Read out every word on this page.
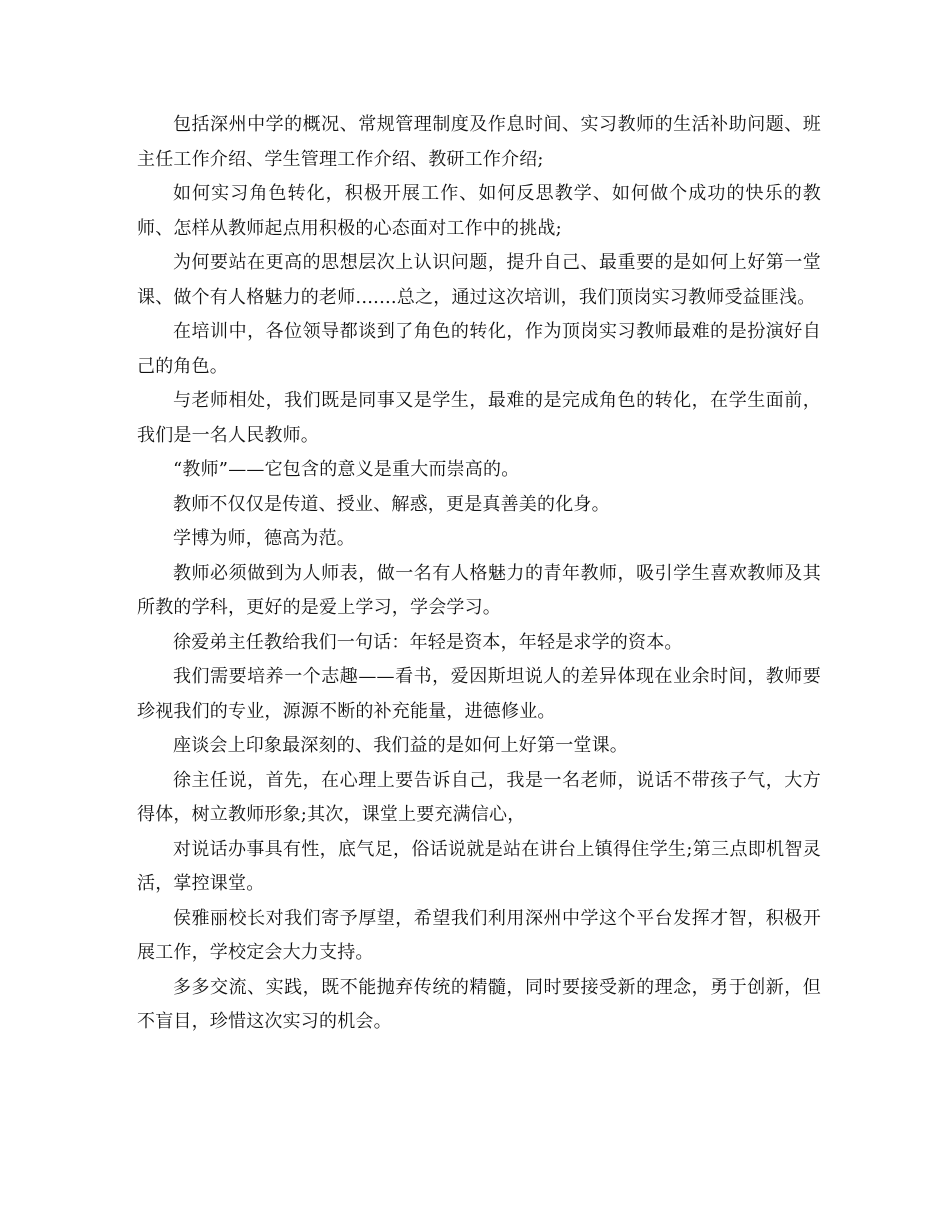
包括深州中学的概况、常规管理制度及作息时间、实习教师的生活补助问题、班主任工作介绍、学生管理工作介绍、教研工作介绍;

如何实习角色转化，积极开展工作、如何反思教学、如何做个成功的快乐的教师、怎样从教师起点用积极的心态面对工作中的挑战;

为何要站在更高的思想层次上认识问题，提升自己、最重要的是如何上好第一堂课、做个有人格魅力的老师.......总之，通过这次培训，我们顶岗实习教师受益匪浅。

在培训中，各位领导都谈到了角色的转化，作为顶岗实习教师最难的是扮演好自己的角色。

与老师相处，我们既是同事又是学生，最难的是完成角色的转化，在学生面前，我们是一名人民教师。

“教师”——它包含的意义是重大而崇高的。

教师不仅仅是传道、授业、解惑，更是真善美的化身。

学博为师，德高为范。

教师必须做到为人师表，做一名有人格魅力的青年教师，吸引学生喜欢教师及其所教的学科，更好的是爱上学习，学会学习。

徐爱弟主任教给我们一句话：年轻是资本，年轻是求学的资本。

我们需要培养一个志趣——看书，爱因斯坦说人的差异体现在业余时间，教师要珍视我们的专业，源源不断的补充能量，进德修业。

座谈会上印象最深刻的、我们益的是如何上好第一堂课。

徐主任说，首先，在心理上要告诉自己，我是一名老师，说话不带孩子气，大方得体，树立教师形象;其次，课堂上要充满信心，

对说话办事具有性，底气足，俗话说就是站在讲台上镇得住学生;第三点即机智灵活，掌控课堂。

侯雅丽校长对我们寄予厚望，希望我们利用深州中学这个平台发挥才智，积极开展工作，学校定会大力支持。

多多交流、实践，既不能抛弃传统的精髓，同时要接受新的理念，勇于创新，但不盲目，珍惜这次实习的机会。
